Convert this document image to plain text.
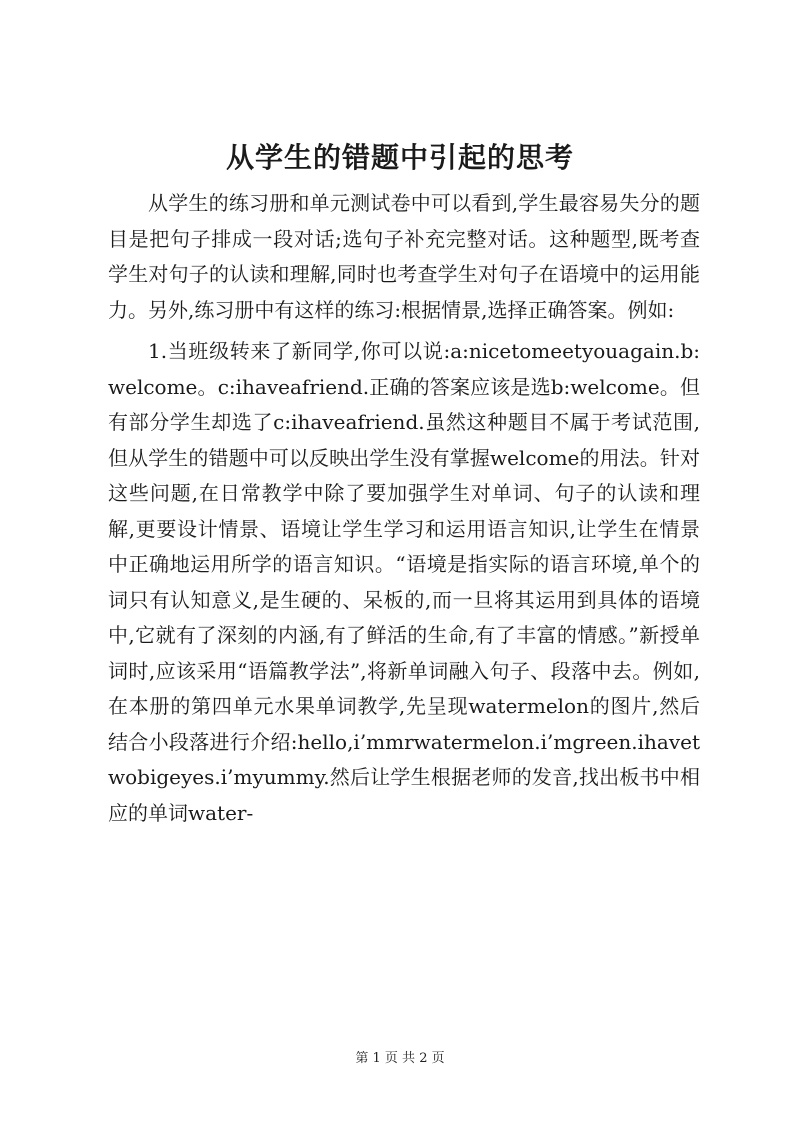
从学生的错题中引起的思考

从学生的练习册和单元测试卷中可以看到,学生最容易失分的题目是把句子排成一段对话;选句子补充完整对话。这种题型,既考查学生对句子的认读和理解,同时也考查学生对句子在语境中的运用能力。另外,练习册中有这样的练习:根据情景,选择正确答案。例如:

1.当班级转来了新同学,你可以说:a:nicetomeetyouagain.b:welcome。c:ihaveafriend.正确的答案应该是选b:welcome。但有部分学生却选了c:ihaveafriend.虽然这种题目不属于考试范围,但从学生的错题中可以反映出学生没有掌握welcome的用法。针对这些问题,在日常教学中除了要加强学生对单词、句子的认读和理解,更要设计情景、语境让学生学习和运用语言知识,让学生在情景中正确地运用所学的语言知识。“语境是指实际的语言环境,单个的词只有认知意义,是生硬的、呆板的,而一旦将其运用到具体的语境中,它就有了深刻的内涵,有了鲜活的生命,有了丰富的情感。”新授单词时,应该采用“语篇教学法”,将新单词融入句子、段落中去。例如,在本册的第四单元水果单词教学,先呈现watermelon的图片,然后结合小段落进行介绍:hello,i’mmrwatermelon.i’mgreen.ihavetwobigeyes.i’myummy.然后让学生根据老师的发音,找出板书中相应的单词water-

第 1 页 共 2 页
